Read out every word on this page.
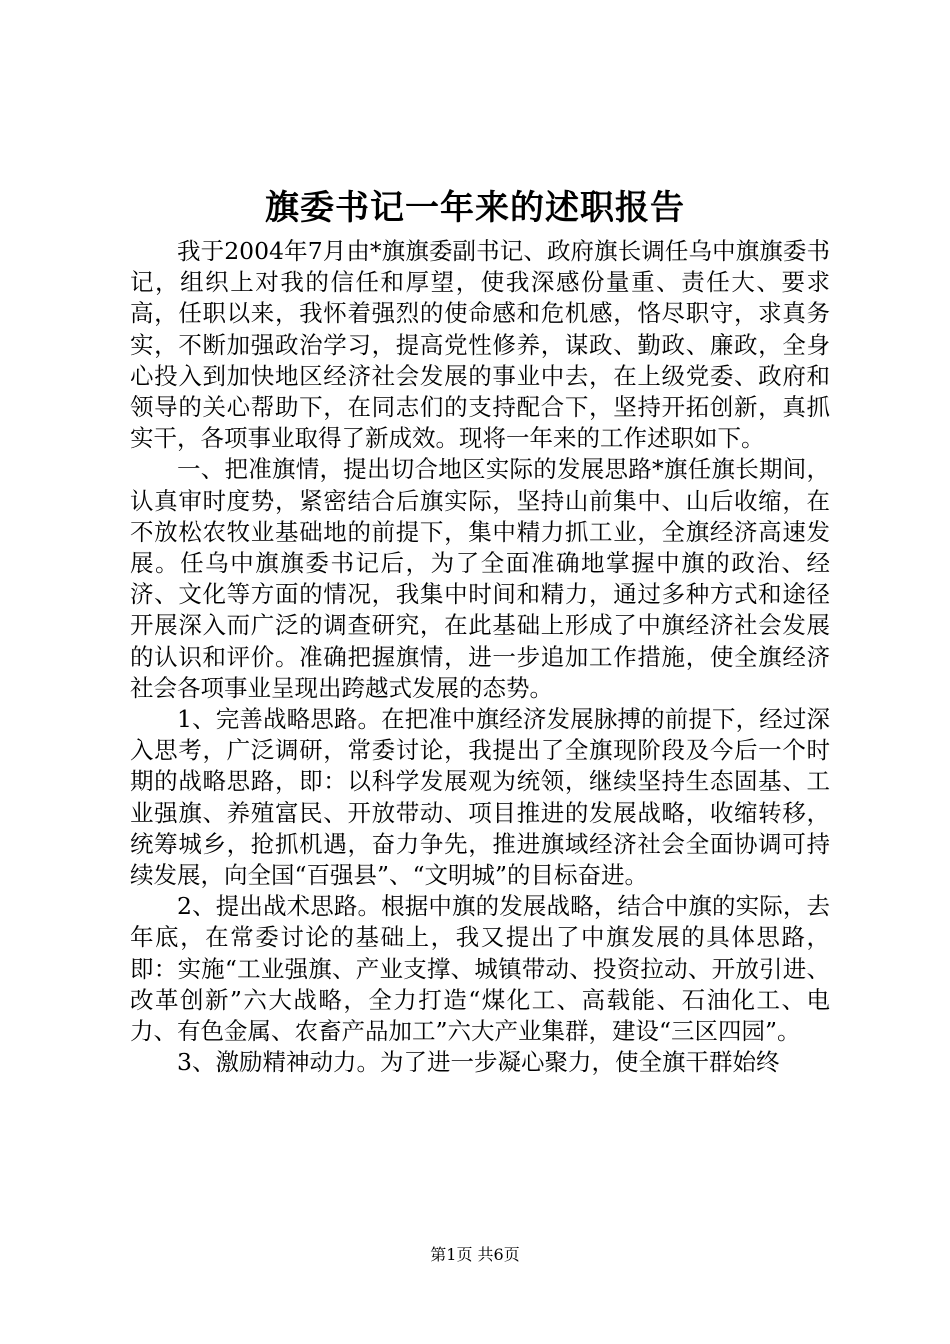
旗委书记一年来的述职报告

我于2004年7月由*旗旗委副书记、政府旗长调任乌中旗旗委书记，组织上对我的信任和厚望，使我深感份量重、责任大、要求高，任职以来，我怀着强烈的使命感和危机感，恪尽职守，求真务实，不断加强政治学习，提高党性修养，谋政、勤政、廉政，全身心投入到加快地区经济社会发展的事业中去，在上级党委、政府和领导的关心帮助下，在同志们的支持配合下，坚持开拓创新，真抓实干，各项事业取得了新成效。现将一年来的工作述职如下。

一、把准旗情，提出切合地区实际的发展思路*旗任旗长期间，认真审时度势，紧密结合后旗实际，坚持山前集中、山后收缩，在不放松农牧业基础地的前提下，集中精力抓工业，全旗经济高速发展。任乌中旗旗委书记后，为了全面准确地掌握中旗的政治、经济、文化等方面的情况，我集中时间和精力，通过多种方式和途径开展深入而广泛的调查研究，在此基础上形成了中旗经济社会发展的认识和评价。准确把握旗情，进一步追加工作措施，使全旗经济社会各项事业呈现出跨越式发展的态势。

1、完善战略思路。在把准中旗经济发展脉搏的前提下，经过深入思考，广泛调研，常委讨论，我提出了全旗现阶段及今后一个时期的战略思路，即：以科学发展观为统领，继续坚持生态固基、工业强旗、养殖富民、开放带动、项目推进的发展战略，收缩转移，统筹城乡，抢抓机遇，奋力争先，推进旗域经济社会全面协调可持续发展，向全国“百强县”、“文明城”的目标奋进。

2、提出战术思路。根据中旗的发展战略，结合中旗的实际，去年底，在常委讨论的基础上，我又提出了中旗发展的具体思路，即：实施“工业强旗、产业支撑、城镇带动、投资拉动、开放引进、改革创新”六大战略，全力打造“煤化工、高载能、石油化工、电力、有色金属、农畜产品加工”六大产业集群，建设“三区四园”。

3、激励精神动力。为了进一步凝心聚力，使全旗干群始终

第1页 共6页
